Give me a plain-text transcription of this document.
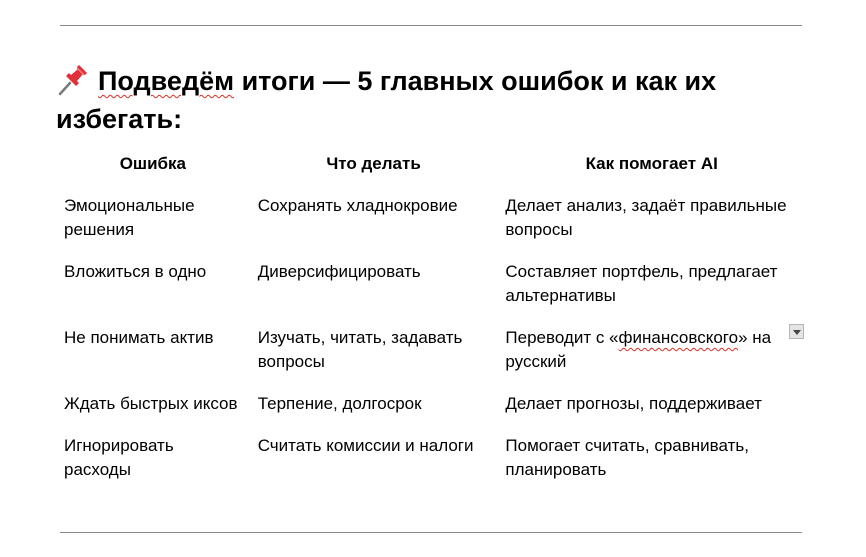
Подведём итоги — 5 главных ошибок и как их избегать:
Ошибка	Что делать	Как помогает AI
Эмоциональные решения	Сохранять хладнокровие	Делает анализ, задаёт правильные вопросы
Вложиться в одно	Диверсифицировать	Составляет портфель, предлагает альтернативы
Не понимать актив	Изучать, читать, задавать вопросы	Переводит с «финансовского» на русский
Ждать быстрых иксов	Терпение, долгосрок	Делает прогнозы, поддерживает
Игнорировать расходы	Считать комиссии и налоги	Помогает считать, сравнивать, планировать
